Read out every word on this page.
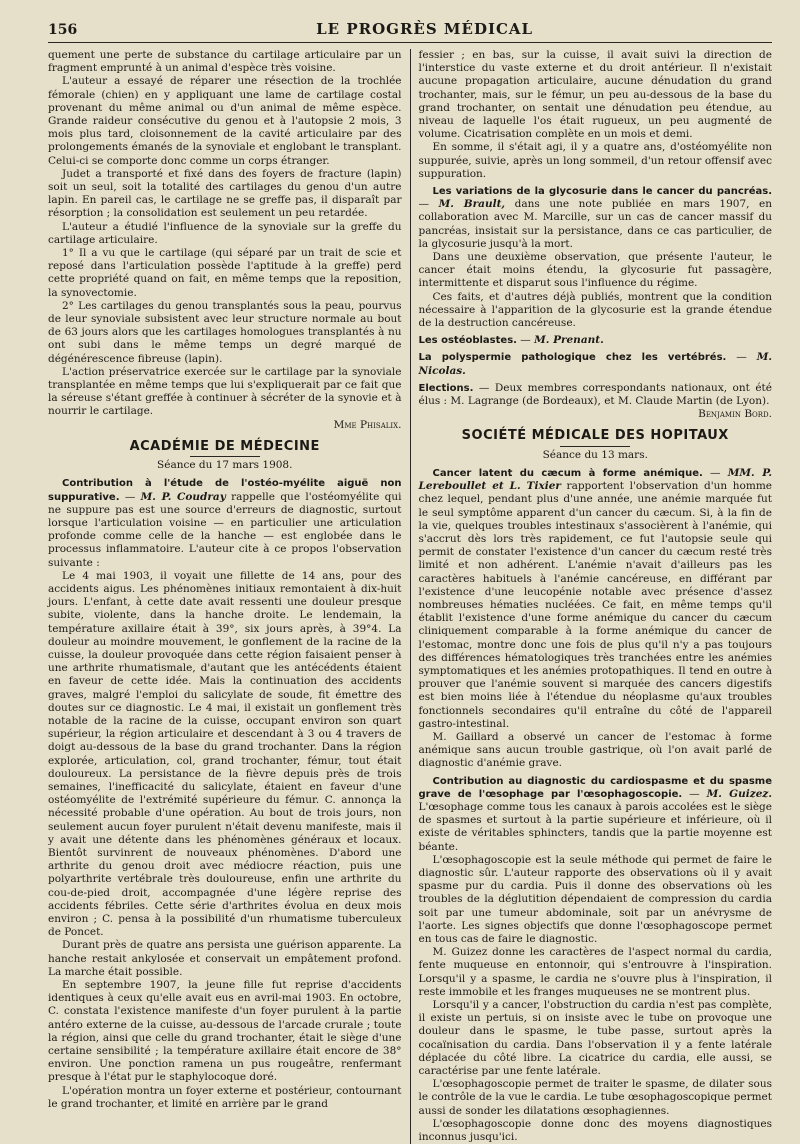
156	LE PROGRÈS MÉDICAL

quement une perte de substance du cartilage articulaire par un fragment emprunté à un animal d'espèce très voisine.

L'auteur a essayé de réparer une résection de la trochlée fémorale (chien) en y appliquant une lame de cartilage costal provenant du même animal ou d'un animal de même espèce. Grande raideur consécutive du genou et à l'autopsie 2 mois, 3 mois plus tard, cloisonnement de la cavité articulaire par des prolongements émanés de la synoviale et englobant le transplant. Celui-ci se comporte donc comme un corps étranger.

Judet a transporté et fixé dans des foyers de fracture (lapin) soit un seul, soit la totalité des cartilages du genou d'un autre lapin. En pareil cas, le cartilage ne se greffe pas, il disparaît par résorption ; la consolidation est seulement un peu retardée.

L'auteur a étudié l'influence de la synoviale sur la greffe du cartilage articulaire.

1° Il a vu que le cartilage (qui séparé par un trait de scie et reposé dans l'articulation possède l'aptitude à la greffe) perd cette propriété quand on fait, en même temps que la reposition, la synovectomie.

2° Les cartilages du genou transplantés sous la peau, pourvus de leur synoviale subsistent avec leur structure normale au bout de 63 jours alors que les cartilages homologues transplantés à nu ont subi dans le même temps un degré marqué de dégénérescence fibreuse (lapin).

L'action préservatrice exercée sur le cartilage par la synoviale transplantée en même temps que lui s'expliquerait par ce fait que la séreuse s'étant greffée à continuer à sécréter de la synovie et à nourrir le cartilage.

Mme Phisalix.
ACADÉMIE DE MÉDECINE
Séance du 17 mars 1908.

Contribution à l'étude de l'ostéo-myélite aiguë non suppurative. — M. P. Coudray rappelle que l'ostéomyélite qui ne suppure pas est une source d'erreurs de diagnostic, surtout lorsque l'articulation voisine — en particulier une articulation profonde comme celle de la hanche — est englobée dans le processus inflammatoire. L'auteur cite à ce propos l'observation suivante :

Le 4 mai 1903, il voyait une fillette de 14 ans, pour des accidents aigus. Les phénomènes initiaux remontaient à dix-huit jours. L'enfant, à cette date avait ressenti une douleur presque subite, violente, dans la hanche droite. Le lendemain, la température axillaire était à 39°, six jours après, à 39°4. La douleur au moindre mouvement, le gonflement de la racine de la cuisse, la douleur provoquée dans cette région faisaient penser à une arthrite rhumatismale, d'autant que les antécédents étaient en faveur de cette idée. Mais la continuation des accidents graves, malgré l'emploi du salicylate de soude, fit émettre des doutes sur ce diagnostic. Le 4 mai, il existait un gonflement très notable de la racine de la cuisse, occupant environ son quart supérieur, la région articulaire et descendant à 3 ou 4 travers de doigt au-dessous de la base du grand trochanter. Dans la région explorée, articulation, col, grand trochanter, fémur, tout était douloureux. La persistance de la fièvre depuis près de trois semaines, l'inefficacité du salicylate, étaient en faveur d'une ostéomyélite de l'extrémité supérieure du fémur. C. annonça la nécessité probable d'une opération. Au bout de trois jours, non seulement aucun foyer purulent n'était devenu manifeste, mais il y avait une détente dans les phénomènes généraux et locaux. Bientôt survinrent de nouveaux phénomènes. D'abord une arthrite du genou droit avec médiocre réaction, puis une polyarthrite vertébrale très douloureuse, enfin une arthrite du cou-de-pied droit, accompagnée d'une légère reprise des accidents fébriles. Cette série d'arthrites évolua en deux mois environ ; C. pensa à la possibilité d'un rhumatisme tuberculeux de Poncet.

Durant près de quatre ans persista une guérison apparente. La hanche restait ankylosée et conservait un empâtement profond. La marche était possible.

En septembre 1907, la jeune fille fut reprise d'accidents identiques à ceux qu'elle avait eus en avril-mai 1903. En octobre, C. constata l'existence manifeste d'un foyer purulent à la partie antéro externe de la cuisse, au-dessous de l'arcade crurale ; toute la région, ainsi que celle du grand trochanter, était le siège d'une certaine sensibilité ; la température axillaire était encore de 38° environ. Une ponction ramena un pus rougeâtre, renfermant presque à l'état pur le staphylocoque doré.

L'opération montra un foyer externe et postérieur, contournant le grand trochanter, et limité en arrière par le grand

fessier ; en bas, sur la cuisse, il avait suivi la direction de l'interstice du vaste externe et du droit antérieur. Il n'existait aucune propagation articulaire, aucune dénudation du grand trochanter, mais, sur le fémur, un peu au-dessous de la base du grand trochanter, on sentait une dénudation peu étendue, au niveau de laquelle l'os était rugueux, un peu augmenté de volume. Cicatrisation complète en un mois et demi.

En somme, il s'était agi, il y a quatre ans, d'ostéomyélite non suppurée, suivie, après un long sommeil, d'un retour offensif avec suppuration.

Les variations de la glycosurie dans le cancer du pancréas. — M. Brault, dans une note publiée en mars 1907, en collaboration avec M. Marcille, sur un cas de cancer massif du pancréas, insistait sur la persistance, dans ce cas particulier, de la glycosurie jusqu'à la mort.

Dans une deuxième observation, que présente l'auteur, le cancer était moins étendu, la glycosurie fut passagère, intermittente et disparut sous l'influence du régime.

Ces faits, et d'autres déjà publiés, montrent que la condition nécessaire à l'apparition de la glycosurie est la grande étendue de la destruction cancéreuse.

Les ostéoblastes. — M. Prenant.

La polyspermie pathologique chez les vertébrés. — M. Nicolas.

Elections. — Deux membres correspondants nationaux, ont été élus : M. Lagrange (de Bordeaux), et M. Claude Martin (de Lyon).

Benjamin Bord.
SOCIÉTÉ MÉDICALE DES HOPITAUX
Séance du 13 mars.

Cancer latent du cæcum à forme anémique. — MM. P. Lereboullet et L. Tixier rapportent l'observation d'un homme chez lequel, pendant plus d'une année, une anémie marquée fut le seul symptôme apparent d'un cancer du cæcum. Si, à la fin de la vie, quelques troubles intestinaux s'associèrent à l'anémie, qui s'accrut dès lors très rapidement, ce fut l'autopsie seule qui permit de constater l'existence d'un cancer du cæcum resté très limité et non adhérent. L'anémie n'avait d'ailleurs pas les caractères habituels à l'anémie cancéreuse, en différant par l'existence d'une leucopénie notable avec présence d'assez nombreuses hématies nucléées. Ce fait, en même temps qu'il établit l'existence d'une forme anémique du cancer du cæcum cliniquement comparable à la forme anémique du cancer de l'estomac, montre donc une fois de plus qu'il n'y a pas toujours des différences hématologiques très tranchées entre les anémies symptomatiques et les anémies protopathiques. Il tend en outre à prouver que l'anémie souvent si marquée des cancers digestifs est bien moins liée à l'étendue du néoplasme qu'aux troubles fonctionnels secondaires qu'il entraîne du côté de l'appareil gastro-intestinal.

M. Gaillard a observé un cancer de l'estomac à forme anémique sans aucun trouble gastrique, où l'on avait parlé de diagnostic d'anémie grave.

Contribution au diagnostic du cardiospasme et du spasme grave de l'œsophage par l'œsophagoscopie. — M. Guizez. L'œsophage comme tous les canaux à parois accolées est le siège de spasmes et surtout à la partie supérieure et inférieure, où il existe de véritables sphincters, tandis que la partie moyenne est béante.

L'œsophagoscopie est la seule méthode qui permet de faire le diagnostic sûr. L'auteur rapporte des observations où il y avait spasme pur du cardia. Puis il donne des observations où les troubles de la déglutition dépendaient de compression du cardia soit par une tumeur abdominale, soit par un anévrysme de l'aorte. Les signes objectifs que donne l'œsophagoscope permet en tous cas de faire le diagnostic.

M. Guizez donne les caractères de l'aspect normal du cardia, fente muqueuse en entonnoir, qui s'entrouvre à l'inspiration. Lorsqu'il y a spasme, le cardia ne s'ouvre plus à l'inspiration, il reste immobile et les franges muqueuses ne se montrent plus.

Lorsqu'il y a cancer, l'obstruction du cardia n'est pas complète, il existe un pertuis, si on insiste avec le tube on provoque une douleur dans le spasme, le tube passe, surtout après la cocaïnisation du cardia. Dans l'observation il y a fente latérale déplacée du côté libre. La cicatrice du cardia, elle aussi, se caractérise par une fente latérale.

L'œsophagoscopie permet de traiter le spasme, de dilater sous le contrôle de la vue le cardia. Le tube œsophagoscopique permet aussi de sonder les dilatations œsophagiennes.

L'œsophagoscopie donne donc des moyens diagnostiques inconnus jusqu'ici.
